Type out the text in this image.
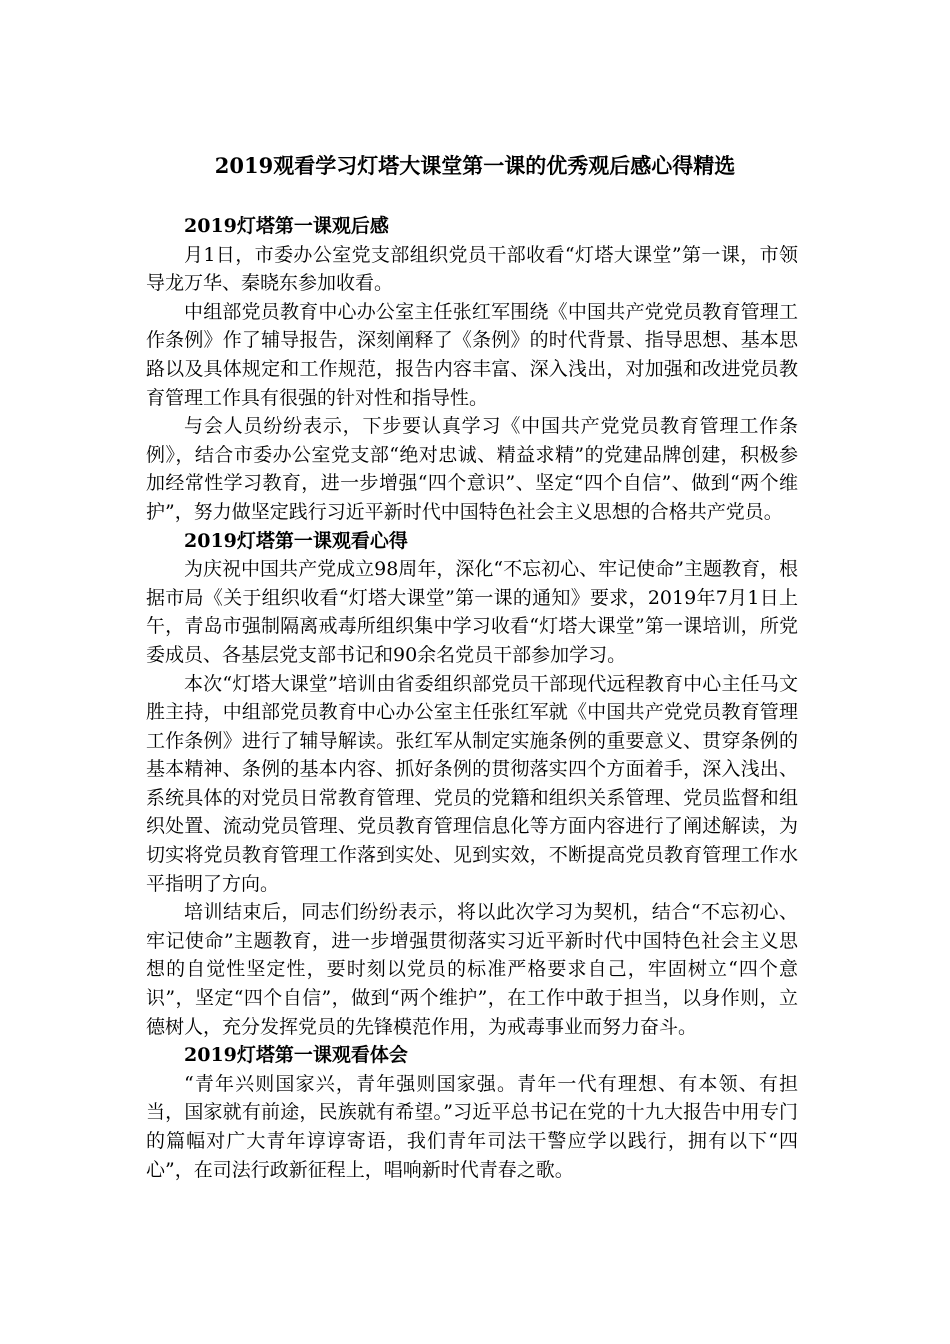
2019观看学习灯塔大课堂第一课的优秀观后感心得精选
2019灯塔第一课观后感

月1日，市委办公室党支部组织党员干部收看“灯塔大课堂”第一课，市领导龙万华、秦晓东参加收看。

中组部党员教育中心办公室主任张红军围绕《中国共产党党员教育管理工作条例》作了辅导报告，深刻阐释了《条例》的时代背景、指导思想、基本思路以及具体规定和工作规范，报告内容丰富、深入浅出，对加强和改进党员教育管理工作具有很强的针对性和指导性。

与会人员纷纷表示，下步要认真学习《中国共产党党员教育管理工作条例》，结合市委办公室党支部“绝对忠诚、精益求精”的党建品牌创建，积极参加经常性学习教育，进一步增强“四个意识”、坚定“四个自信”、做到“两个维护”，努力做坚定践行习近平新时代中国特色社会主义思想的合格共产党员。

2019灯塔第一课观看心得

为庆祝中国共产党成立98周年，深化“不忘初心、牢记使命”主题教育，根据市局《关于组织收看“灯塔大课堂”第一课的通知》要求，2019年7月1日上午，青岛市强制隔离戒毒所组织集中学习收看“灯塔大课堂”第一课培训，所党委成员、各基层党支部书记和90余名党员干部参加学习。

本次“灯塔大课堂”培训由省委组织部党员干部现代远程教育中心主任马文胜主持，中组部党员教育中心办公室主任张红军就《中国共产党党员教育管理工作条例》进行了辅导解读。张红军从制定实施条例的重要意义、贯穿条例的基本精神、条例的基本内容、抓好条例的贯彻落实四个方面着手，深入浅出、系统具体的对党员日常教育管理、党员的党籍和组织关系管理、党员监督和组织处置、流动党员管理、党员教育管理信息化等方面内容进行了阐述解读，为切实将党员教育管理工作落到实处、见到实效，不断提高党员教育管理工作水平指明了方向。

培训结束后，同志们纷纷表示，将以此次学习为契机，结合“不忘初心、牢记使命”主题教育，进一步增强贯彻落实习近平新时代中国特色社会主义思想的自觉性坚定性，要时刻以党员的标准严格要求自己，牢固树立“四个意识”，坚定“四个自信”，做到“两个维护”，在工作中敢于担当，以身作则，立德树人，充分发挥党员的先锋模范作用，为戒毒事业而努力奋斗。

2019灯塔第一课观看体会

“青年兴则国家兴，青年强则国家强。青年一代有理想、有本领、有担当，国家就有前途，民族就有希望。”习近平总书记在党的十九大报告中用专门的篇幅对广大青年谆谆寄语，我们青年司法干警应学以践行，拥有以下“四心”，在司法行政新征程上，唱响新时代青春之歌。
